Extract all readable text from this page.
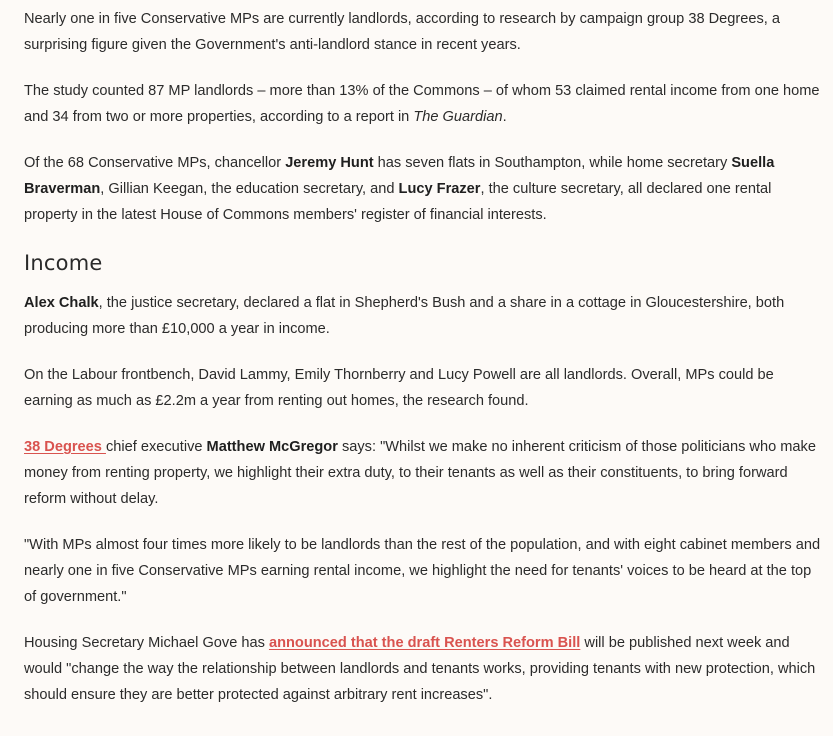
Nearly one in five Conservative MPs are currently landlords, according to research by campaign group 38 Degrees, a surprising figure given the Government's anti-landlord stance in recent years.

The study counted 87 MP landlords – more than 13% of the Commons – of whom 53 claimed rental income from one home and 34 from two or more properties, according to a report in The Guardian.

Of the 68 Conservative MPs, chancellor Jeremy Hunt has seven flats in Southampton, while home secretary Suella Braverman, Gillian Keegan, the education secretary, and Lucy Frazer, the culture secretary, all declared one rental property in the latest House of Commons members' register of financial interests.

Income

Alex Chalk, the justice secretary, declared a flat in Shepherd's Bush and a share in a cottage in Gloucestershire, both producing more than £10,000 a year in income.

On the Labour frontbench, David Lammy, Emily Thornberry and Lucy Powell are all landlords. Overall, MPs could be earning as much as £2.2m a year from renting out homes, the research found.

38 Degrees chief executive Matthew McGregor says: "Whilst we make no inherent criticism of those politicians who make money from renting property, we highlight their extra duty, to their tenants as well as their constituents, to bring forward reform without delay.

"With MPs almost four times more likely to be landlords than the rest of the population, and with eight cabinet members and nearly one in five Conservative MPs earning rental income, we highlight the need for tenants' voices to be heard at the top of government."

Housing Secretary Michael Gove has announced that the draft Renters Reform Bill will be published next week and would "change the way the relationship between landlords and tenants works, providing tenants with new protection, which should ensure they are better protected against arbitrary rent increases".
